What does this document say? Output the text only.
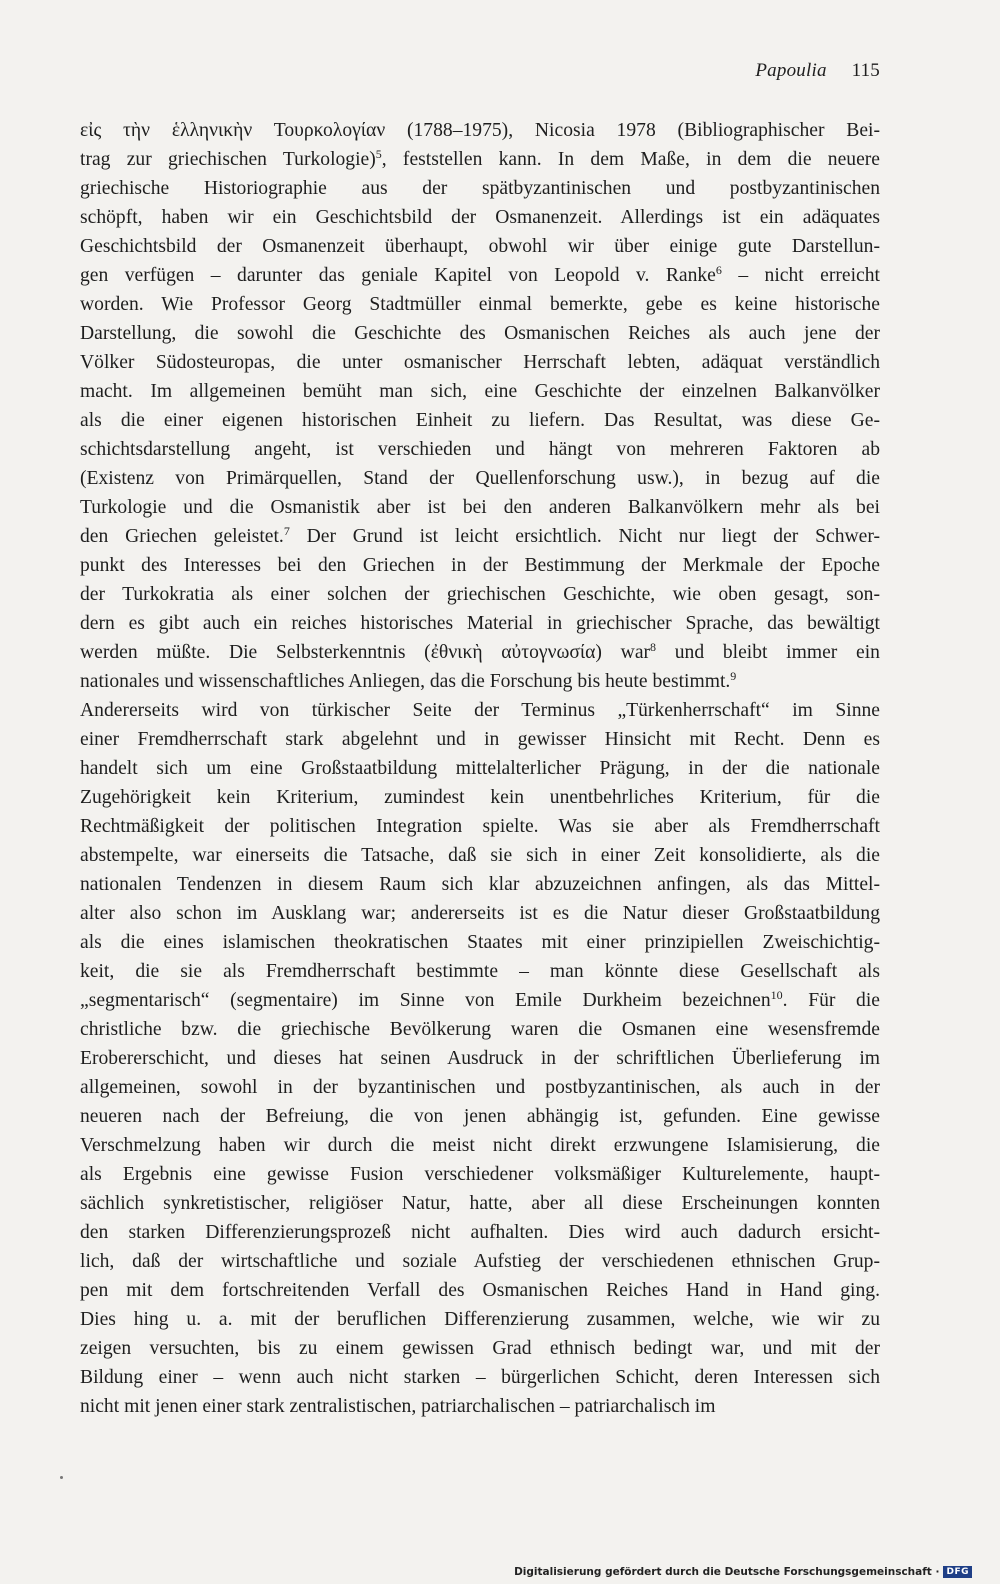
Papoulia 115
εἰς τὴν ἑλληνικὴν Τουρκολογίαν (1788–1975), Nicosia 1978 (Bibliographischer Bei-
trag zur griechischen Turkologie)$^5$, feststellen kann. In dem Maße, in dem die neuere
griechische Historiographie aus der spätbyzantinischen und postbyzantinischen
schöpft, haben wir ein Geschichtsbild der Osmanenzeit. Allerdings ist ein adäquates
Geschichtsbild der Osmanenzeit überhaupt, obwohl wir über einige gute Darstellun-
gen verfügen – darunter das geniale Kapitel von Leopold v. Ranke$^6$ – nicht erreicht
worden. Wie Professor Georg Stadtmüller einmal bemerkte, gebe es keine historische
Darstellung, die sowohl die Geschichte des Osmanischen Reiches als auch jene der
Völker Südosteuropas, die unter osmanischer Herrschaft lebten, adäquat verständlich
macht. Im allgemeinen bemüht man sich, eine Geschichte der einzelnen Balkanvölker
als die einer eigenen historischen Einheit zu liefern. Das Resultat, was diese Ge-
schichtsdarstellung angeht, ist verschieden und hängt von mehreren Faktoren ab
(Existenz von Primärquellen, Stand der Quellenforschung usw.), in bezug auf die
Turkologie und die Osmanistik aber ist bei den anderen Balkanvölkern mehr als bei
den Griechen geleistet.$^7$ Der Grund ist leicht ersichtlich. Nicht nur liegt der Schwer-
punkt des Interesses bei den Griechen in der Bestimmung der Merkmale der Epoche
der Turkokratia als einer solchen der griechischen Geschichte, wie oben gesagt, son-
dern es gibt auch ein reiches historisches Material in griechischer Sprache, das bewältigt
werden müßte. Die Selbsterkenntnis (ἐθνικὴ αὐτογνωσία) war$^8$ und bleibt immer ein
nationales und wissenschaftliches Anliegen, das die Forschung bis heute bestimmt.$^9$
Andererseits wird von türkischer Seite der Terminus „Türkenherrschaft“ im Sinne
einer Fremdherrschaft stark abgelehnt und in gewisser Hinsicht mit Recht. Denn es
handelt sich um eine Großstaatbildung mittelalterlicher Prägung, in der die nationale
Zugehörigkeit kein Kriterium, zumindest kein unentbehrliches Kriterium, für die
Rechtmäßigkeit der politischen Integration spielte. Was sie aber als Fremdherrschaft
abstempelte, war einerseits die Tatsache, daß sie sich in einer Zeit konsolidierte, als die
nationalen Tendenzen in diesem Raum sich klar abzuzeichnen anfingen, als das Mittel-
alter also schon im Ausklang war; andererseits ist es die Natur dieser Großstaatbildung
als die eines islamischen theokratischen Staates mit einer prinzipiellen Zweischichtig-
keit, die sie als Fremdherrschaft bestimmte – man könnte diese Gesellschaft als
„segmentarisch“ (segmentaire) im Sinne von Emile Durkheim bezeichnen$^{10}$. Für die
christliche bzw. die griechische Bevölkerung waren die Osmanen eine wesensfremde
Erobererschicht, und dieses hat seinen Ausdruck in der schriftlichen Überlieferung im
allgemeinen, sowohl in der byzantinischen und postbyzantinischen, als auch in der
neueren nach der Befreiung, die von jenen abhängig ist, gefunden. Eine gewisse
Verschmelzung haben wir durch die meist nicht direkt erzwungene Islamisierung, die
als Ergebnis eine gewisse Fusion verschiedener volksmäßiger Kulturelemente, haupt-
sächlich synkretistischer, religiöser Natur, hatte, aber all diese Erscheinungen konnten
den starken Differenzierungsprozeß nicht aufhalten. Dies wird auch dadurch ersicht-
lich, daß der wirtschaftliche und soziale Aufstieg der verschiedenen ethnischen Grup-
pen mit dem fortschreitenden Verfall des Osmanischen Reiches Hand in Hand ging.
Dies hing u. a. mit der beruflichen Differenzierung zusammen, welche, wie wir zu
zeigen versuchten, bis zu einem gewissen Grad ethnisch bedingt war, und mit der
Bildung einer – wenn auch nicht starken – bürgerlichen Schicht, deren Interessen sich
nicht mit jenen einer stark zentralistischen, patriarchalischen – patriarchalisch im
Digitalisierung gefördert durch die Deutsche Forschungsgemeinschaft · DFG
